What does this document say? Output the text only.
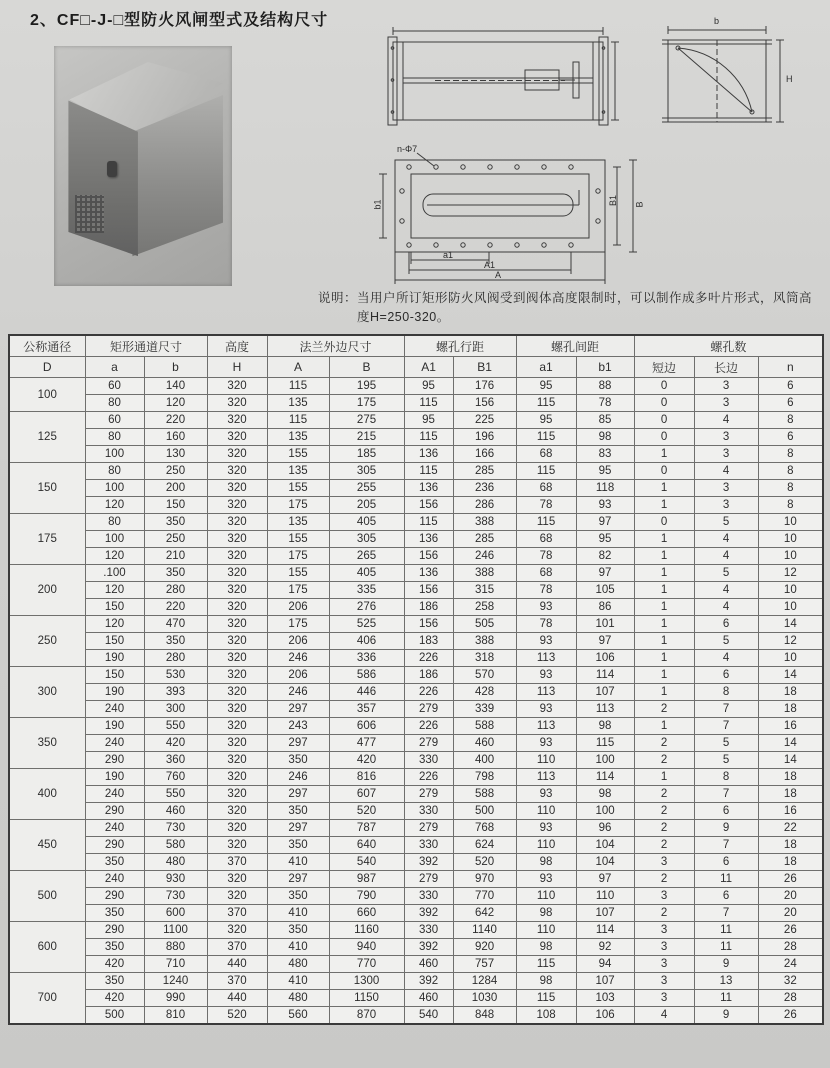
2、CF□-J-□型防火风闸型式及结构尺寸	b
H
n-Φ7
b1	B1 B
a1
A1
A
说明： 当用户所订矩形防火风阀受到阀体高度限制时，可以制作成多叶片形式，风筒高度H=250-320。
公称通径	矩形通道尺寸		高度	法兰外边尺寸		螺孔行距		螺孔间距		螺孔数		
D	a	b	H	A	B	A1	B1	a1	b1	短边	长边	n
100	60	140	320	115	195	95	176	95	88	0	3	6
	80	120	320	135	175	115	156	115	78	0	3	6
125	60	220	320	115	275	95	225	95	85	0	4	8
	80	160	320	135	215	115	196	115	98	0	3	6
	100	130	320	155	185	136	166	68	83	1	3	8
150	80	250	320	135	305	115	285	115	95	0	4	8
	100	200	320	155	255	136	236	68	118	1	3	8
	120	150	320	175	205	156	286	78	93	1	3	8
175	80	350	320	135	405	115	388	115	97	0	5	10
	100	250	320	155	305	136	285	68	95	1	4	10
	120	210	320	175	265	156	246	78	82	1	4	10
200	.100	350	320	155	405	136	388	68	97	1	5	12
	120	280	320	175	335	156	315	78	105	1	4	10
	150	220	320	206	276	186	258	93	86	1	4	10
250	120	470	320	175	525	156	505	78	101	1	6	14
	150	350	320	206	406	183	388	93	97	1	5	12
	190	280	320	246	336	226	318	113	106	1	4	10
300	150	530	320	206	586	186	570	93	114	1	6	14
	190	393	320	246	446	226	428	113	107	1	8	18
	240	300	320	297	357	279	339	93	113	2	7	18
350	190	550	320	243	606	226	588	113	98	1	7	16
	240	420	320	297	477	279	460	93	115	2	5	14
	290	360	320	350	420	330	400	110	100	2	5	14
400	190	760	320	246	816	226	798	113	114	1	8	18
	240	550	320	297	607	279	588	93	98	2	7	18
	290	460	320	350	520	330	500	110	100	2	6	16
450	240	730	320	297	787	279	768	93	96	2	9	22
	290	580	320	350	640	330	624	110	104	2	7	18
	350	480	370	410	540	392	520	98	104	3	6	18
500	240	930	320	297	987	279	970	93	97	2	11	26
	290	730	320	350	790	330	770	110	110	3	6	20
	350	600	370	410	660	392	642	98	107	2	7	20
600	290	1100	320	350	1160	330	1140	110	114	3	11	26
	350	880	370	410	940	392	920	98	92	3	11	28
	420	710	440	480	770	460	757	115	94	3	9	24
700	350	1240	370	410	1300	392	1284	98	107	3	13	32
	420	990	440	480	1150	460	1030	115	103	3	11	28
	500	810	520	560	870	540	848	108	106	4	9	26
